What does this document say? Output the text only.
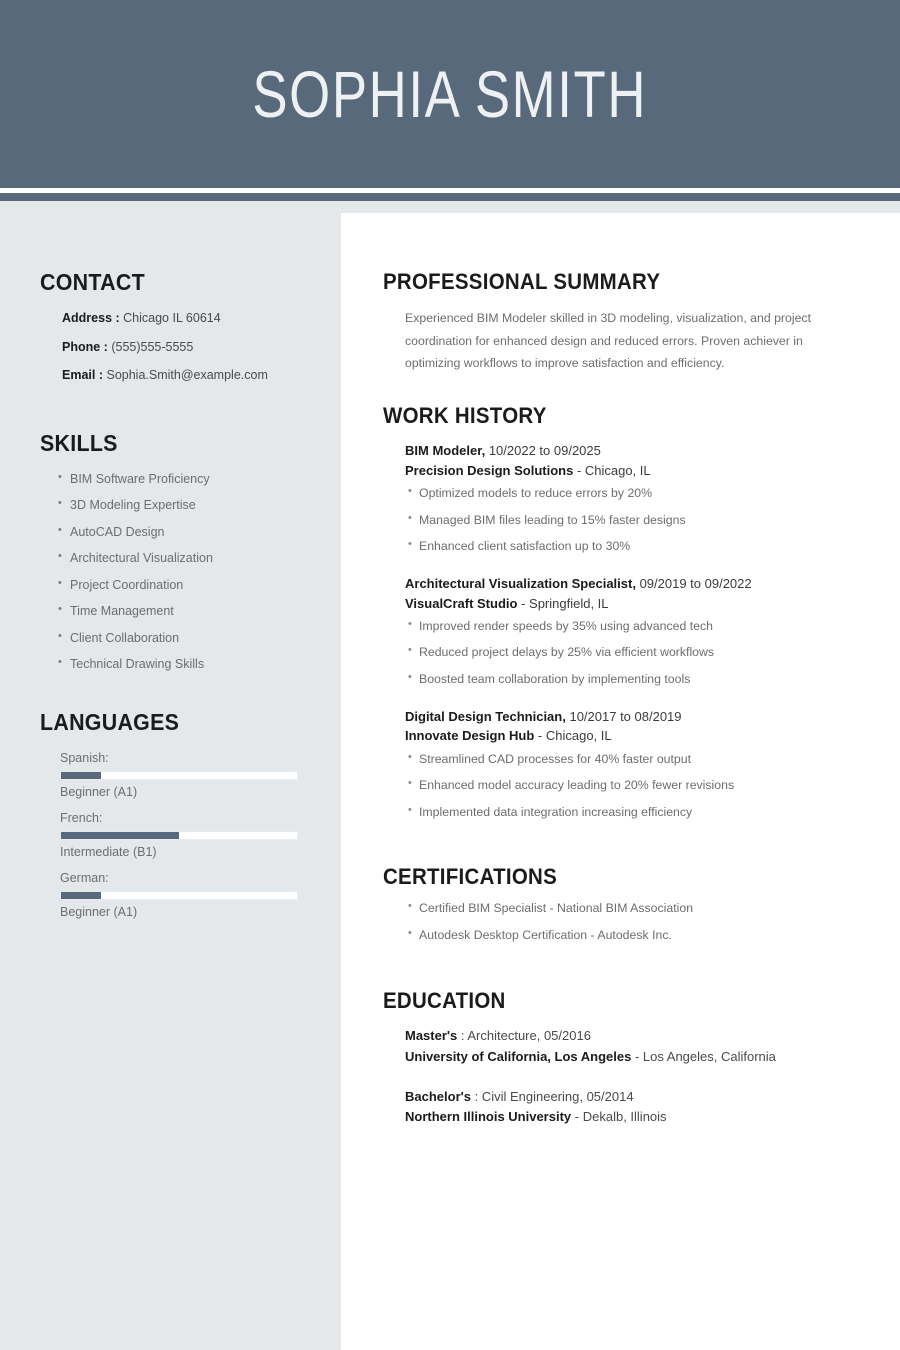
SOPHIA SMITH
CONTACT
Address : Chicago IL 60614
Phone : (555)555-5555
Email : Sophia.Smith@example.com
SKILLS
• BIM Software Proficiency
• 3D Modeling Expertise
• AutoCAD Design
• Architectural Visualization
• Project Coordination
• Time Management
• Client Collaboration
• Technical Drawing Skills
LANGUAGES
Spanish:
Beginner (A1)
French:
Intermediate (B1)
German:
Beginner (A1)
PROFESSIONAL SUMMARY

Experienced BIM Modeler skilled in 3D modeling, visualization, and project coordination for enhanced design and reduced errors. Proven achiever in optimizing workflows to improve satisfaction and efficiency.

WORK HISTORY
BIM Modeler, 10/2022 to 09/2025
Precision Design Solutions - Chicago, IL
• Optimized models to reduce errors by 20%
• Managed BIM files leading to 15% faster designs
• Enhanced client satisfaction up to 30%
Architectural Visualization Specialist, 09/2019 to 09/2022
VisualCraft Studio - Springfield, IL
• Improved render speeds by 35% using advanced tech
• Reduced project delays by 25% via efficient workflows
• Boosted team collaboration by implementing tools
Digital Design Technician, 10/2017 to 08/2019
Innovate Design Hub - Chicago, IL
• Streamlined CAD processes for 40% faster output
• Enhanced model accuracy leading to 20% fewer revisions
• Implemented data integration increasing efficiency
CERTIFICATIONS
• Certified BIM Specialist - National BIM Association
• Autodesk Desktop Certification - Autodesk Inc.
EDUCATION
Master's : Architecture, 05/2016
University of California, Los Angeles - Los Angeles, California
Bachelor's : Civil Engineering, 05/2014
Northern Illinois University - Dekalb, Illinois
